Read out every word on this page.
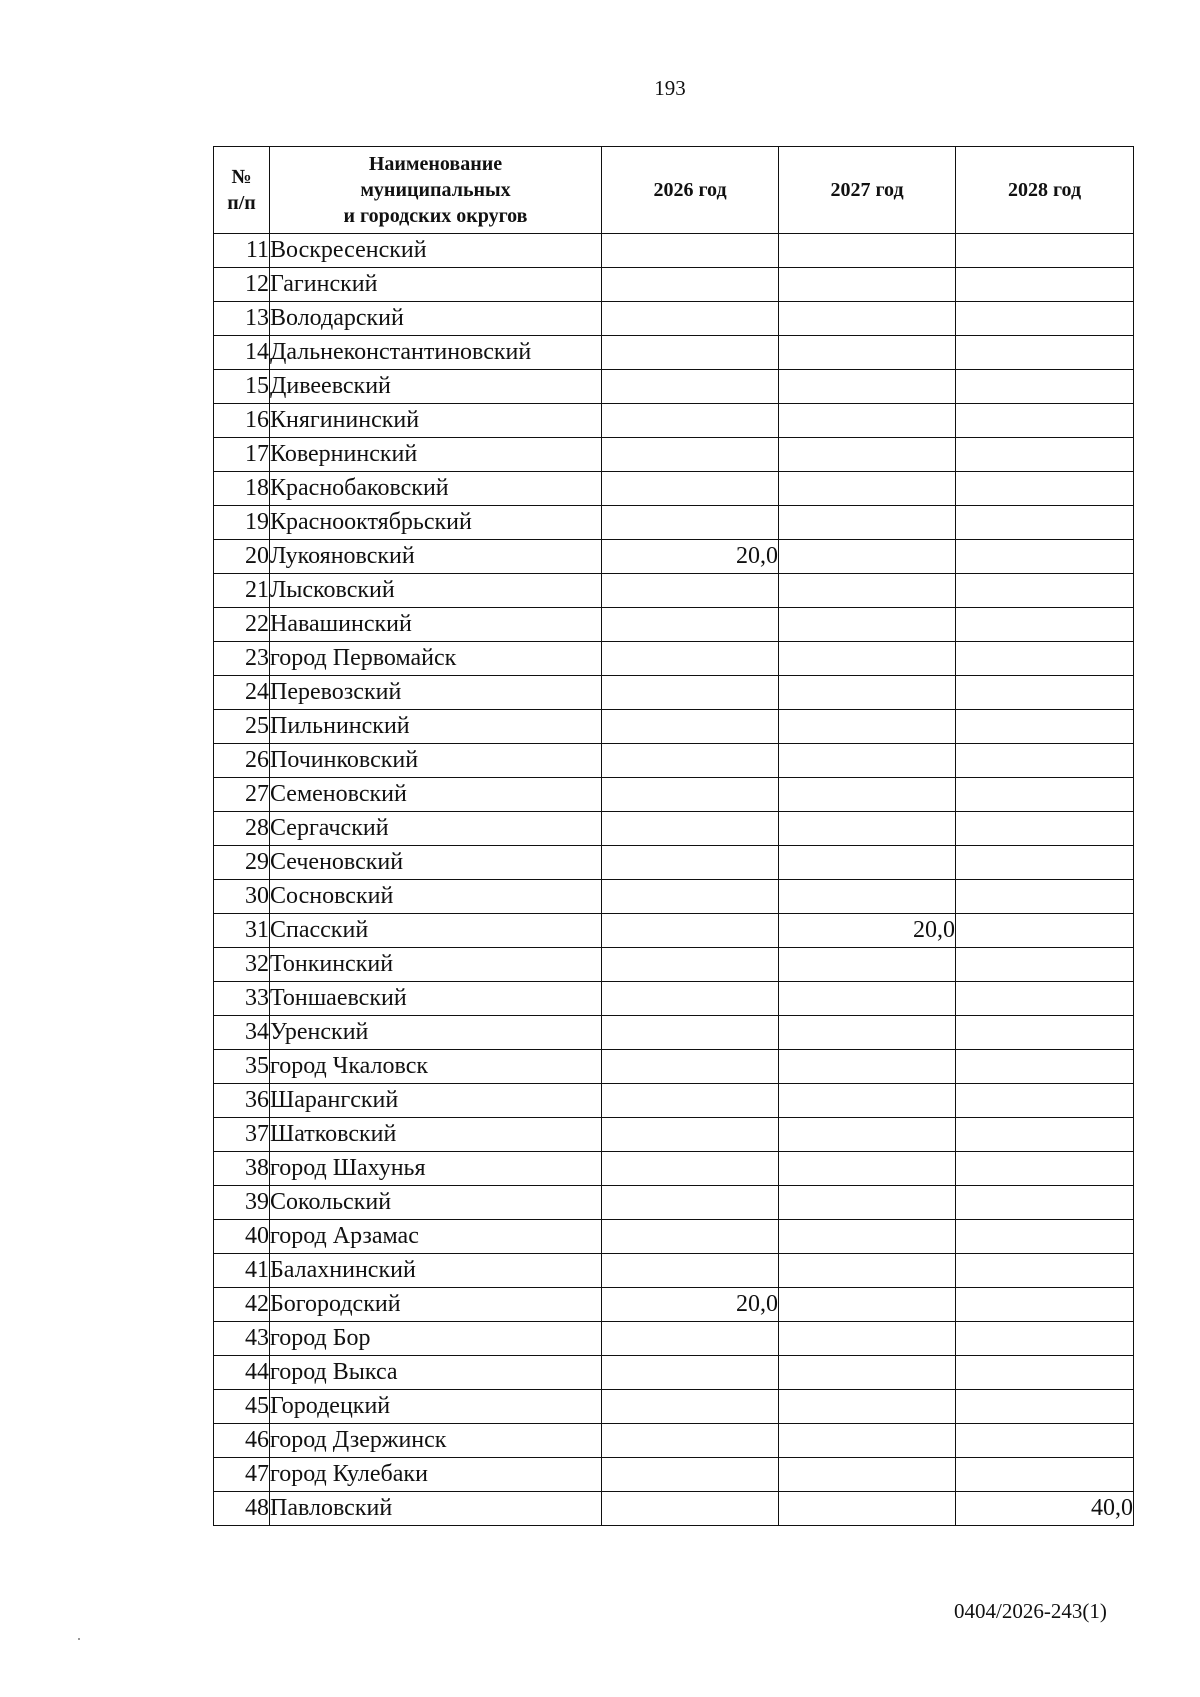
193
№
п/п	Наименование
муниципальных
и городских округов	2026 год	2027 год	2028 год
11	Воскресенский			
12	Гагинский			
13	Володарский			
14	Дальнеконстантиновский			
15	Дивеевский			
16	Княгининский			
17	Ковернинский			
18	Краснобаковский			
19	Краснооктябрьский			
20	Лукояновский	20,0		
21	Лысковский			
22	Навашинский			
23	город Первомайск			
24	Перевозский			
25	Пильнинский			
26	Починковский			
27	Семеновский			
28	Сергачский			
29	Сеченовский			
30	Сосновский			
31	Спасский		20,0	
32	Тонкинский			
33	Тоншаевский			
34	Уренский			
35	город Чкаловск			
36	Шарангский			
37	Шатковский			
38	город Шахунья			
39	Сокольский			
40	город Арзамас			
41	Балахнинский			
42	Богородский	20,0		
43	город Бор			
44	город Выкса			
45	Городецкий			
46	город Дзержинск			
47	город Кулебаки			
48	Павловский			40,0
0404/2026-243(1)
